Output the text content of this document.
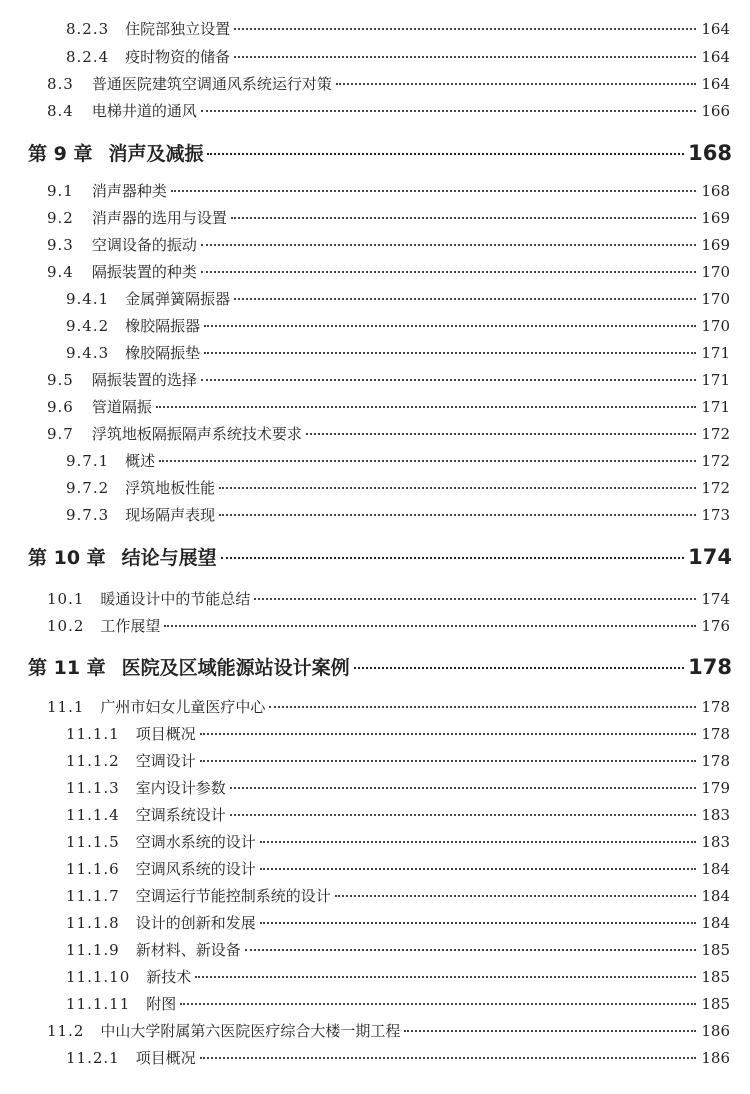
8.2.3 住院部独立设置	164
8.2.4 疫时物资的储备	164
8.3 普通医院建筑空调通风系统运行对策	164
8.4 电梯井道的通风	166
第 9 章 消声及减振	168
9.1 消声器种类	168
9.2 消声器的选用与设置	169
9.3 空调设备的振动	169
9.4 隔振装置的种类	170
9.4.1 金属弹簧隔振器	170
9.4.2 橡胶隔振器	170
9.4.3 橡胶隔振垫	171
9.5 隔振装置的选择	171
9.6 管道隔振	171
9.7 浮筑地板隔振隔声系统技术要求	172
9.7.1 概述	172
9.7.2 浮筑地板性能	172
9.7.3 现场隔声表现	173
第 10 章 结论与展望	174
10.1 暖通设计中的节能总结	174
10.2 工作展望	176
第 11 章 医院及区域能源站设计案例	178
11.1 广州市妇女儿童医疗中心	178
11.1.1 项目概况	178
11.1.2 空调设计	178
11.1.3 室内设计参数	179
11.1.4 空调系统设计	183
11.1.5 空调水系统的设计	183
11.1.6 空调风系统的设计	184
11.1.7 空调运行节能控制系统的设计	184
11.1.8 设计的创新和发展	184
11.1.9 新材料、新设备	185
11.1.10 新技术	185
11.1.11 附图	185
11.2 中山大学附属第六医院医疗综合大楼一期工程	186
11.2.1 项目概况	186
